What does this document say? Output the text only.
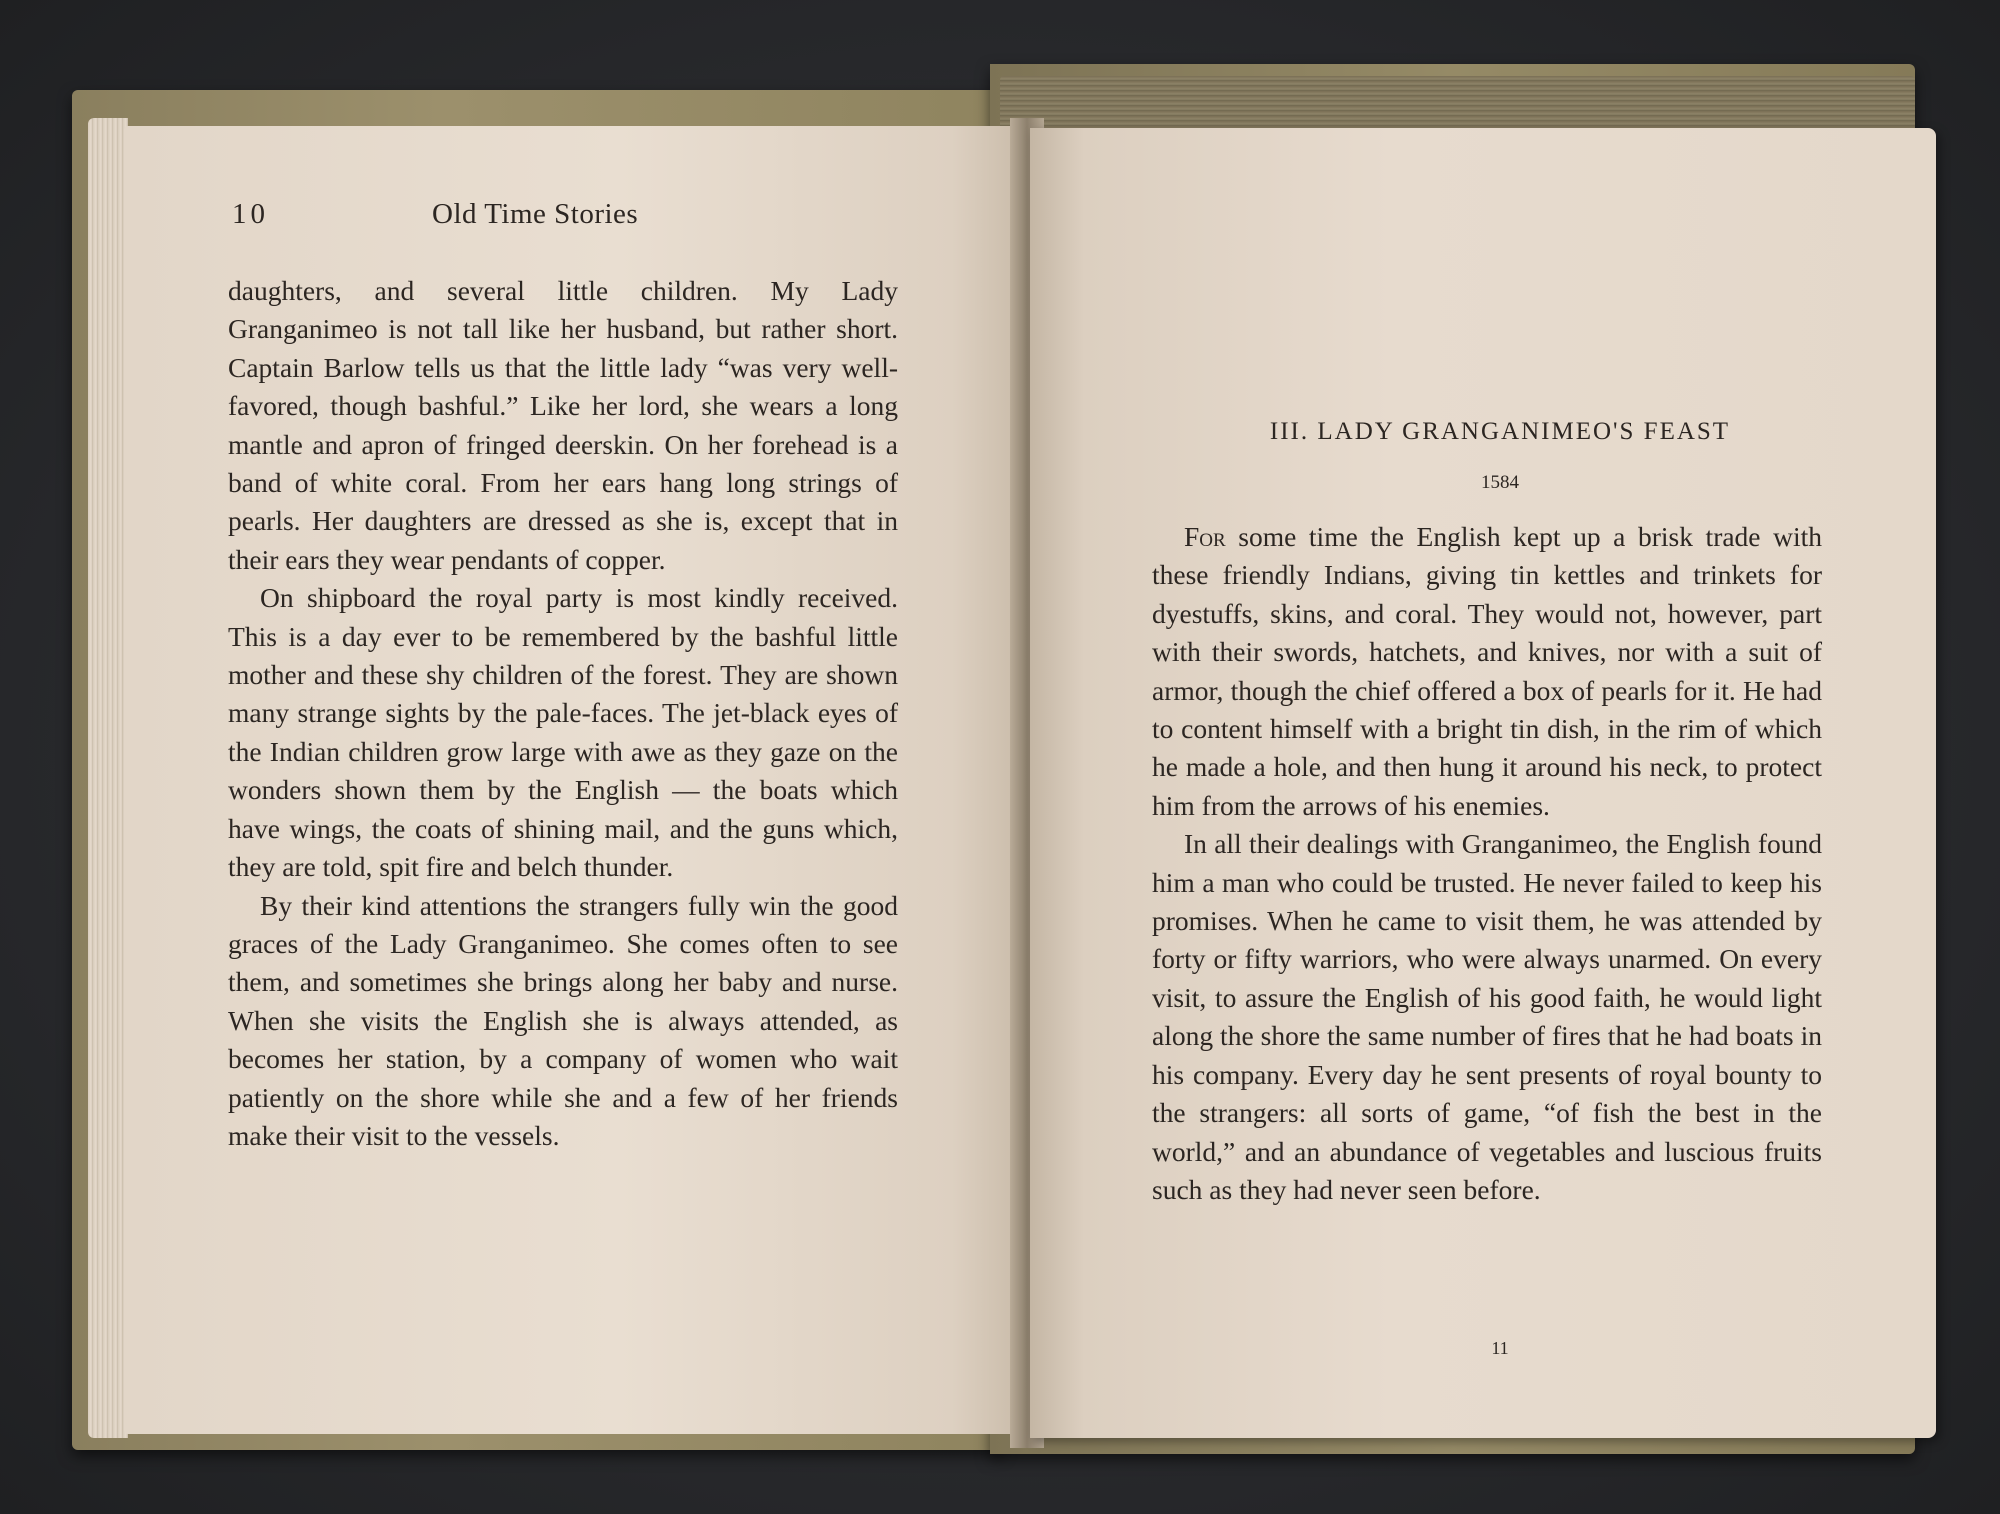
10	Old Time Stories

daughters, and several little children. My Lady Granganimeo is not tall like her husband, but rather short. Captain Barlow tells us that the little lady “was very well-favored, though bashful.” Like her lord, she wears a long mantle and apron of fringed deerskin. On her forehead is a band of white coral. From her ears hang long strings of pearls. Her daughters are dressed as she is, except that in their ears they wear pendants of copper.

On shipboard the royal party is most kindly received. This is a day ever to be remembered by the bashful little mother and these shy children of the forest. They are shown many strange sights by the pale-faces. The jet-black eyes of the Indian children grow large with awe as they gaze on the wonders shown them by the English — the boats which have wings, the coats of shining mail, and the guns which, they are told, spit fire and belch thunder.

By their kind attentions the strangers fully win the good graces of the Lady Granganimeo. She comes often to see them, and sometimes she brings along her baby and nurse. When she visits the English she is always attended, as becomes her station, by a company of women who wait patiently on the shore while she and a few of her friends make their visit to the vessels.

III. LADY GRANGANIMEO'S FEAST
1584

For some time the English kept up a brisk trade with these friendly Indians, giving tin kettles and trinkets for dyestuffs, skins, and coral. They would not, however, part with their swords, hatchets, and knives, nor with a suit of armor, though the chief offered a box of pearls for it. He had to content himself with a bright tin dish, in the rim of which he made a hole, and then hung it around his neck, to protect him from the arrows of his enemies.

In all their dealings with Granganimeo, the English found him a man who could be trusted. He never failed to keep his promises. When he came to visit them, he was attended by forty or fifty warriors, who were always unarmed. On every visit, to assure the English of his good faith, he would light along the shore the same number of fires that he had boats in his company. Every day he sent presents of royal bounty to the strangers: all sorts of game, “of fish the best in the world,” and an abundance of vegetables and luscious fruits such as they had never seen before.

11
